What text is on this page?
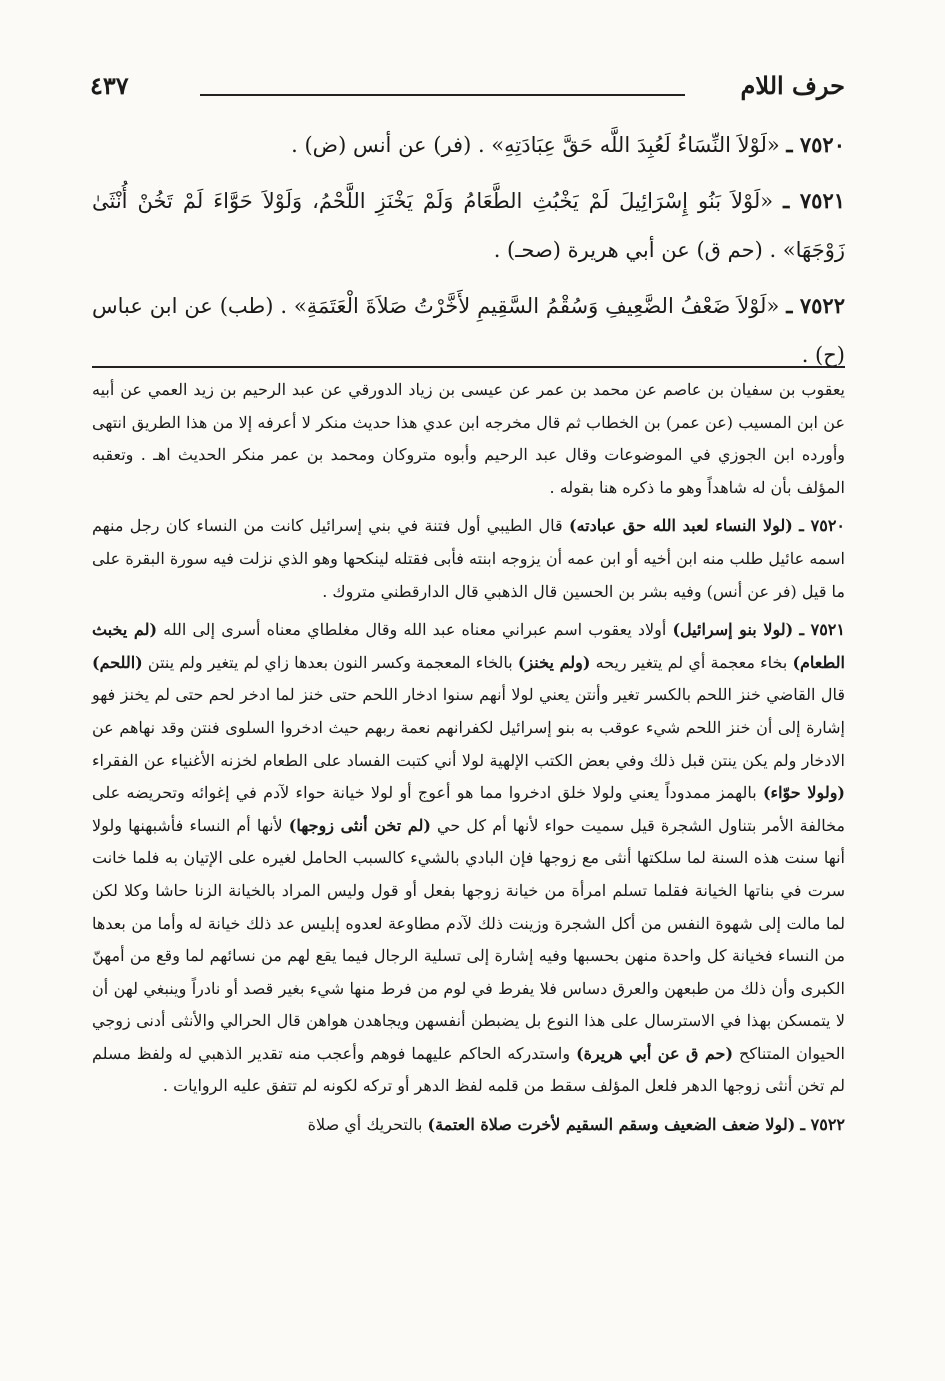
حرف اللام
٤٣٧

٧٥٢٠ ـ «لَوْلاَ النِّسَاءُ لَعُبِدَ اللَّه حَقَّ عِبَادَتِهِ» . (فر) عن أنس (ض) .

٧٥٢١ ـ «لَوْلاَ بَنُو إِسْرَائِيلَ لَمْ يَخْبُثِ الطَّعَامُ وَلَمْ يَخْنَزِ اللَّحْمُ، وَلَوْلاَ حَوَّاءَ لَمْ تَخُنْ أُنْثَىٰ زَوْجَهَا» . (حم ق) عن أبي هريرة (صحـ) .

٧٥٢٢ ـ «لَوْلاَ ضَعْفُ الضَّعِيفِ وَسُقْمُ السَّقِيمِ لأَخَّرْتُ صَلاَةَ الْعَتَمَةِ» . (طب) عن ابن عباس (ح) .

يعقوب بن سفيان بن عاصم عن محمد بن عمر عن عيسى بن زياد الدورقي عن عبد الرحيم بن زيد العمي عن أبيه عن ابن المسيب (عن عمر) بن الخطاب ثم قال مخرجه ابن عدي هذا حديث منكر لا أعرفه إلا من هذا الطريق انتهى وأورده ابن الجوزي في الموضوعات وقال عبد الرحيم وأبوه متروكان ومحمد بن عمر منكر الحديث اهـ . وتعقبه المؤلف بأن له شاهداً وهو ما ذكره هنا بقوله .

٧٥٢٠ ـ (لولا النساء لعبد الله حق عبادته) قال الطيبي أول فتنة في بني إسرائيل كانت من النساء كان رجل منهم اسمه عائيل طلب منه ابن أخيه أو ابن عمه أن يزوجه ابنته فأبى فقتله لينكحها وهو الذي نزلت فيه سورة البقرة على ما قيل (فر عن أنس) وفيه بشر بن الحسين قال الذهبي قال الدارقطني متروك .

٧٥٢١ ـ (لولا بنو إسرائيل) أولاد يعقوب اسم عبراني معناه عبد الله وقال مغلطاي معناه أسرى إلى الله (لم يخبث الطعام) بخاء معجمة أي لم يتغير ريحه (ولم يخنز) بالخاء المعجمة وكسر النون بعدها زاي لم يتغير ولم ينتن (اللحم) قال القاضي خنز اللحم بالكسر تغير وأنتن يعني لولا أنهم سنوا ادخار اللحم حتى خنز لما ادخر لحم حتى لم يخنز فهو إشارة إلى أن خنز اللحم شيء عوقب به بنو إسرائيل لكفرانهم نعمة ربهم حيث ادخروا السلوى فنتن وقد نهاهم عن الادخار ولم يكن ينتن قبل ذلك وفي بعض الكتب الإلهية لولا أني كتبت الفساد على الطعام لخزنه الأغنياء عن الفقراء (ولولا حوّاء) بالهمز ممدوداً يعني ولولا خلق ادخروا مما هو أعوج أو لولا خيانة حواء لآدم في إغوائه وتحريضه على مخالفة الأمر بتناول الشجرة قيل سميت حواء لأنها أم كل حي (لم تخن أنثى زوجها) لأنها أم النساء فأشبهنها ولولا أنها سنت هذه السنة لما سلكتها أنثى مع زوجها فإن البادي بالشيء كالسبب الحامل لغيره على الإتيان به فلما خانت سرت في بناتها الخيانة فقلما تسلم امرأة من خيانة زوجها بفعل أو قول وليس المراد بالخيانة الزنا حاشا وكلا لكن لما مالت إلى شهوة النفس من أكل الشجرة وزينت ذلك لآدم مطاوعة لعدوه إبليس عد ذلك خيانة له وأما من بعدها من النساء فخيانة كل واحدة منهن بحسبها وفيه إشارة إلى تسلية الرجال فيما يقع لهم من نسائهم لما وقع من أمهنّ الكبرى وأن ذلك من طبعهن والعرق دساس فلا يفرط في لوم من فرط منها شيء بغير قصد أو نادراً وينبغي لهن أن لا يتمسكن بهذا في الاسترسال على هذا النوع بل يضبطن أنفسهن ويجاهدن هواهن قال الحرالي والأنثى أدنى زوجي الحيوان المتناكح (حم ق عن أبي هريرة) واستدركه الحاكم عليهما فوهم وأعجب منه تقدير الذهبي له ولفظ مسلم لم تخن أنثى زوجها الدهر فلعل المؤلف سقط من قلمه لفظ الدهر أو تركه لكونه لم تتفق عليه الروايات .

٧٥٢٢ ـ (لولا ضعف الضعيف وسقم السقيم لأخرت صلاة العتمة) بالتحريك أي صلاة
